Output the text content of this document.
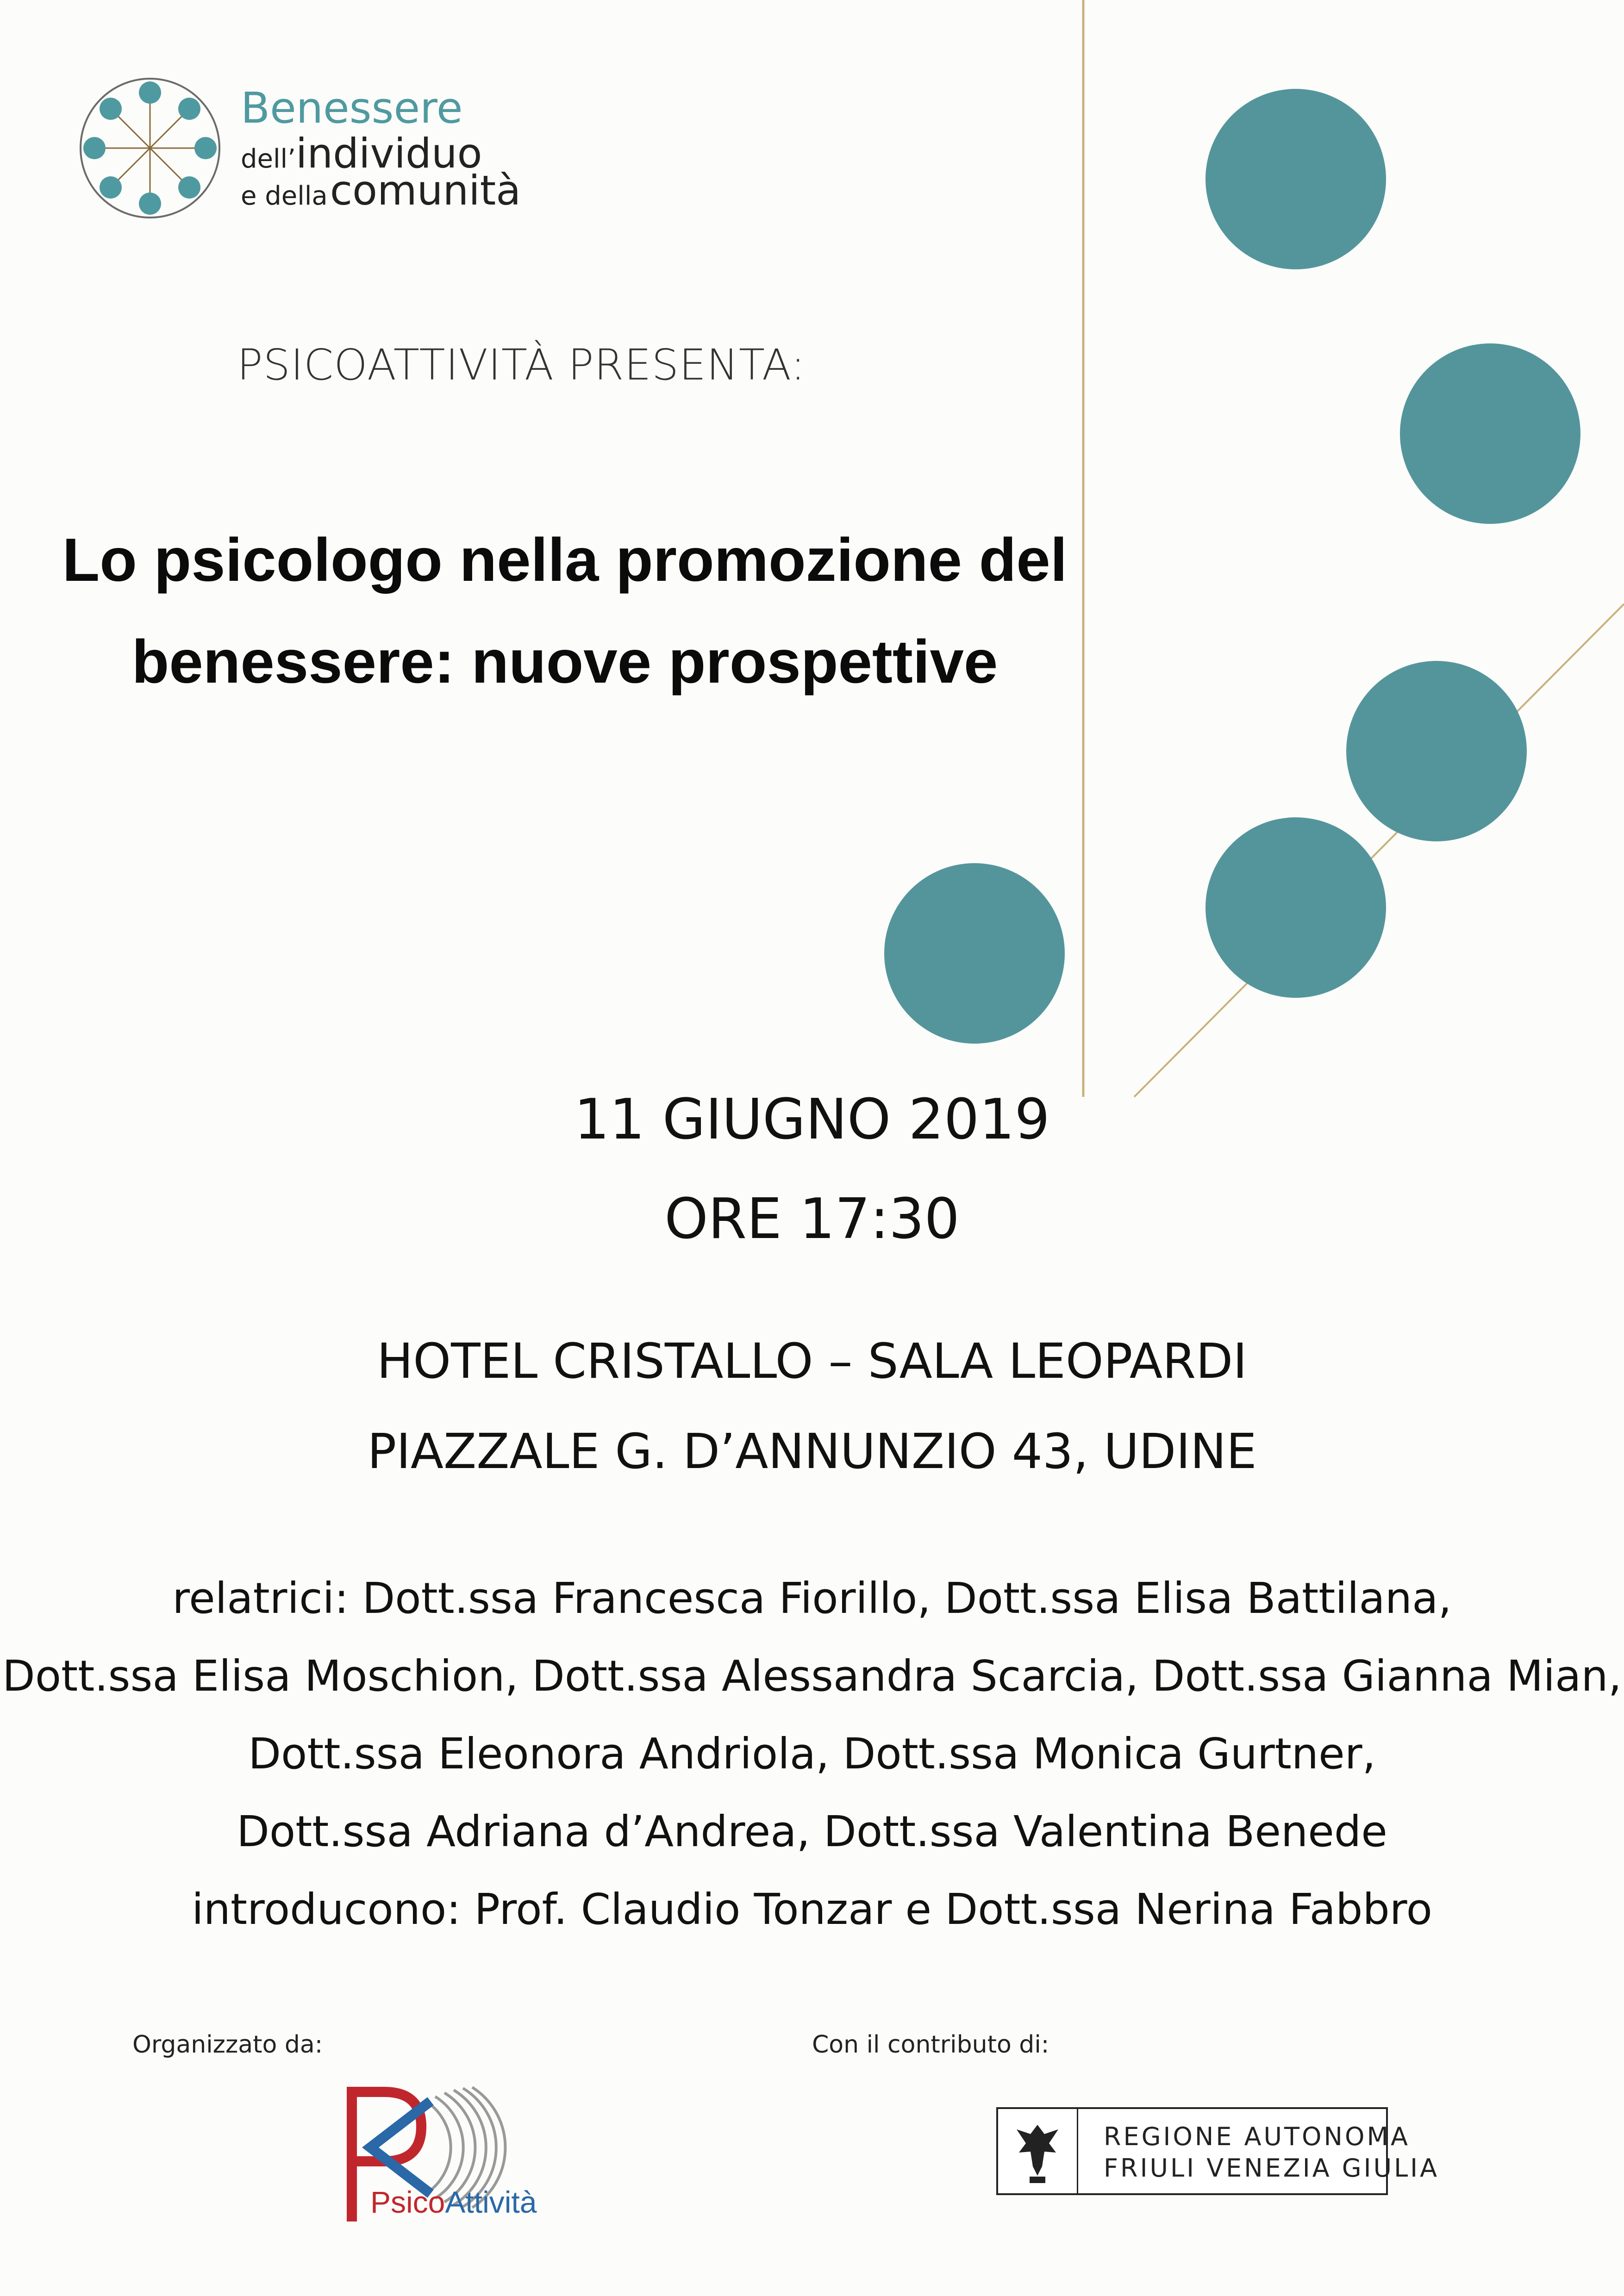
Benessere
dell’individuo
e della comunità
PSICOATTIVITÀ PRESENTA:
Lo psicologo nella promozione del
benessere: nuove prospettive
11 GIUGNO 2019
ORE 17:30
HOTEL CRISTALLO – SALA LEOPARDI
PIAZZALE G. D’ANNUNZIO 43, UDINE
relatrici: Dott.ssa Francesca Fiorillo, Dott.ssa Elisa Battilana,
Dott.ssa Elisa Moschion, Dott.ssa Alessandra Scarcia, Dott.ssa Gianna Mian,
Dott.ssa Eleonora Andriola, Dott.ssa Monica Gurtner,
Dott.ssa Adriana d’Andrea, Dott.ssa Valentina Benede
introducono: Prof. Claudio Tonzar e Dott.ssa Nerina Fabbro
Organizzato da:	Con il contributo di:
PsicoAttività
REGIONE AUTONOMA
FRIULI VENEZIA GIULIA
